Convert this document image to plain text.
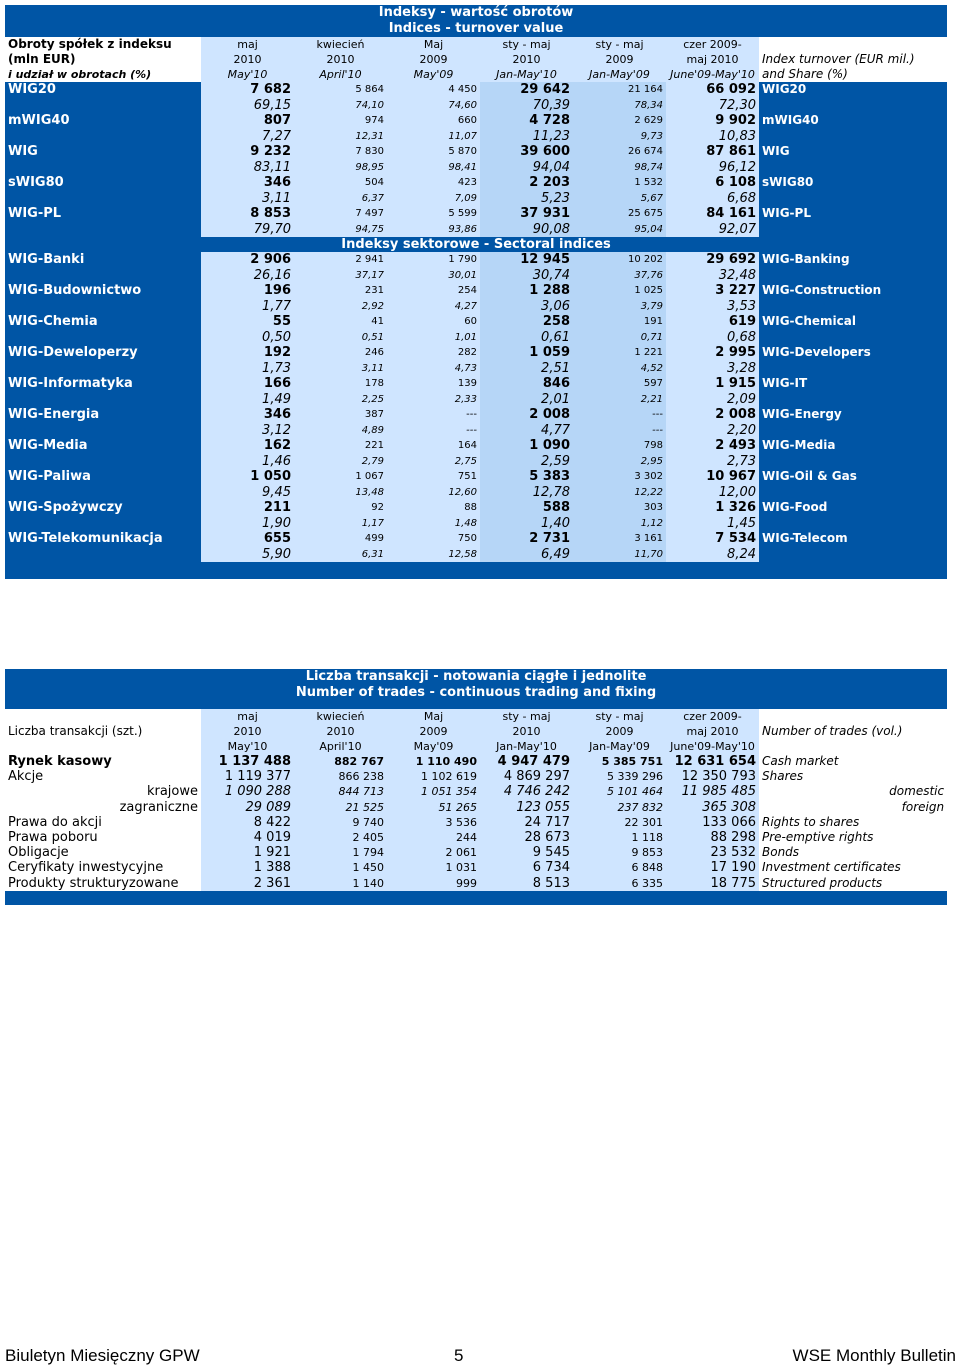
Indeksy - wartość obrotów							
Indices - turnover value							
Obroty spółek z indeksu	maj	kwiecień	Maj	sty - maj	sty - maj	czer 2009-	
(mln EUR)	2010	2010	2009	2010	2009	maj 2010	Index turnover (EUR mil.)
i udział w obrotach (%)	May'10	April'10	May'09	Jan-May'10	Jan-May'09	June'09-May'10	and Share (%)
WIG20	7 682	5 864	4 450	29 642	21 164	66 092	WIG20
	69,15	74,10	74,60	70,39	78,34	72,30	
mWIG40	807	974	660	4 728	2 629	9 902	mWIG40
	7,27	12,31	11,07	11,23	9,73	10,83	
WIG	9 232	7 830	5 870	39 600	26 674	87 861	WIG
	83,11	98,95	98,41	94,04	98,74	96,12	
sWIG80	346	504	423	2 203	1 532	6 108	sWIG80
	3,11	6,37	7,09	5,23	5,67	6,68	
WIG-PL	8 853	7 497	5 599	37 931	25 675	84 161	WIG-PL
	79,70	94,75	93,86	90,08	95,04	92,07	
Indeksy sektorowe - Sectoral indices							
WIG-Banki	2 906	2 941	1 790	12 945	10 202	29 692	WIG-Banking
	26,16	37,17	30,01	30,74	37,76	32,48	
WIG-Budownictwo	196	231	254	1 288	1 025	3 227	WIG-Construction
	1,77	2,92	4,27	3,06	3,79	3,53	
WIG-Chemia	55	41	60	258	191	619	WIG-Chemical
	0,50	0,51	1,01	0,61	0,71	0,68	
WIG-Deweloperzy	192	246	282	1 059	1 221	2 995	WIG-Developers
	1,73	3,11	4,73	2,51	4,52	3,28	
WIG-Informatyka	166	178	139	846	597	1 915	WIG-IT
	1,49	2,25	2,33	2,01	2,21	2,09	
WIG-Energia	346	387	---	2 008	---	2 008	WIG-Energy
	3,12	4,89	---	4,77	---	2,20	
WIG-Media	162	221	164	1 090	798	2 493	WIG-Media
	1,46	2,79	2,75	2,59	2,95	2,73	
WIG-Paliwa	1 050	1 067	751	5 383	3 302	10 967	WIG-Oil & Gas
	9,45	13,48	12,60	12,78	12,22	12,00	
WIG-Spożywczy	211	92	88	588	303	1 326	WIG-Food
	1,90	1,17	1,48	1,40	1,12	1,45	
WIG-Telekomunikacja	655	499	750	2 731	3 161	7 534	WIG-Telecom
	5,90	6,31	12,58	6,49	11,70	8,24	

Liczba transakcji - notowania ciągłe i jednolite							
Number of trades - continuous trading and fixing							

	maj	kwiecień	Maj	sty - maj	sty - maj	czer 2009-	
Liczba transakcji (szt.)	2010	2010	2009	2010	2009	maj 2010	Number of trades (vol.)
	May'10	April'10	May'09	Jan-May'10	Jan-May'09	June'09-May'10	
Rynek kasowy	1 137 488	882 767	1 110 490	4 947 479	5 385 751	12 631 654	Cash market
Akcje	1 119 377	866 238	1 102 619	4 869 297	5 339 296	12 350 793	Shares
krajowe	1 090 288	844 713	1 051 354	4 746 242	5 101 464	11 985 485	domestic
zagraniczne	29 089	21 525	51 265	123 055	237 832	365 308	foreign
Prawa do akcji	8 422	9 740	3 536	24 717	22 301	133 066	Rights to shares
Prawa poboru	4 019	2 405	244	28 673	1 118	88 298	Pre-emptive rights
Obligacje	1 921	1 794	2 061	9 545	9 853	23 532	Bonds
Ceryfikaty inwestycyjne	1 388	1 450	1 031	6 734	6 848	17 190	Investment certificates
Produkty strukturyzowane	2 361	1 140	999	8 513	6 335	18 775	Structured products

Biuletyn Miesięczny GPW	5	WSE Monthly Bulletin
